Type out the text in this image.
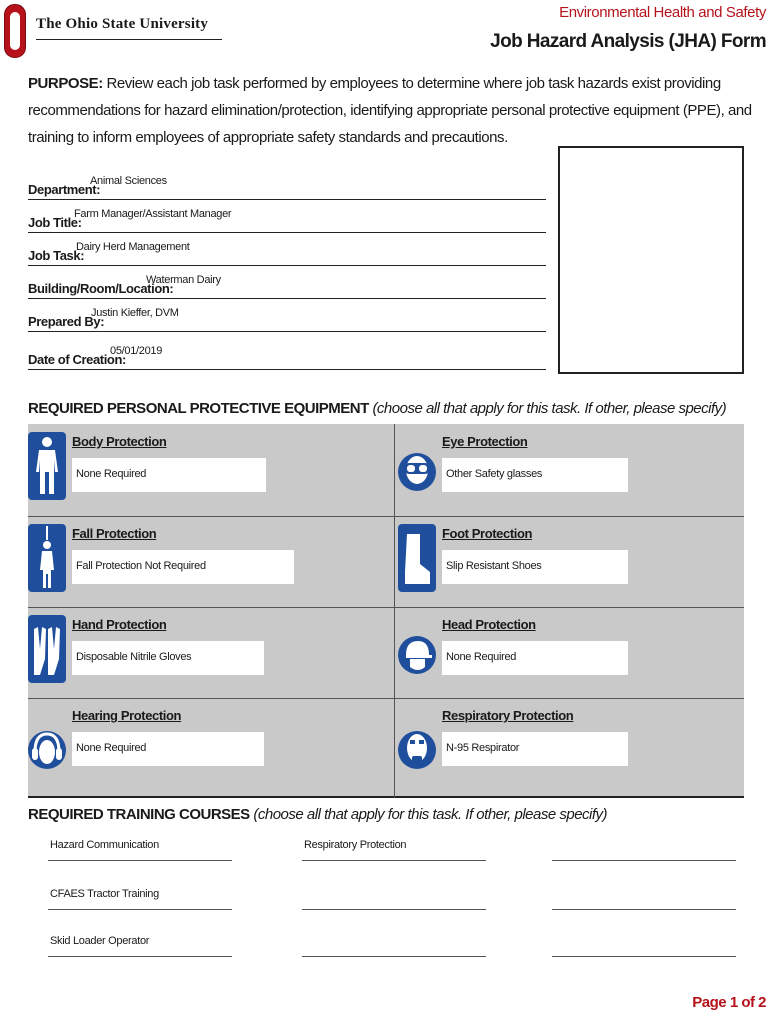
The Ohio State University
Environmental Health and Safety
Job Hazard Analysis (JHA) Form
PURPOSE: Review each job task performed by employees to determine where job task hazards exist providing recommendations for hazard elimination/protection, identifying appropriate personal protective equipment (PPE), and training to inform employees of appropriate safety standards and precautions.
Department:
Animal Sciences
Job Title:
Farm Manager/Assistant Manager
Job Task:
Dairy Herd Management
Building/Room/Location:
Waterman Dairy
Prepared By:
Justin Kieffer, DVM
Date of Creation:
05/01/2019
REQUIRED PERSONAL PROTECTIVE EQUIPMENT (choose all that apply for this task. If other, please specify)
Body Protection
None Required
Eye Protection
Other Safety glasses
Fall Protection
Fall Protection Not Required
Foot Protection
Slip Resistant Shoes
Hand Protection
Disposable Nitrile Gloves
Head Protection
None Required
Hearing Protection
None Required
Respiratory Protection
N-95 Respirator
REQUIRED TRAINING COURSES (choose all that apply for this task. If other, please specify)
Hazard Communication	Respiratory Protection
CFAES Tractor Training
Skid Loader Operator
Page 1 of 2
